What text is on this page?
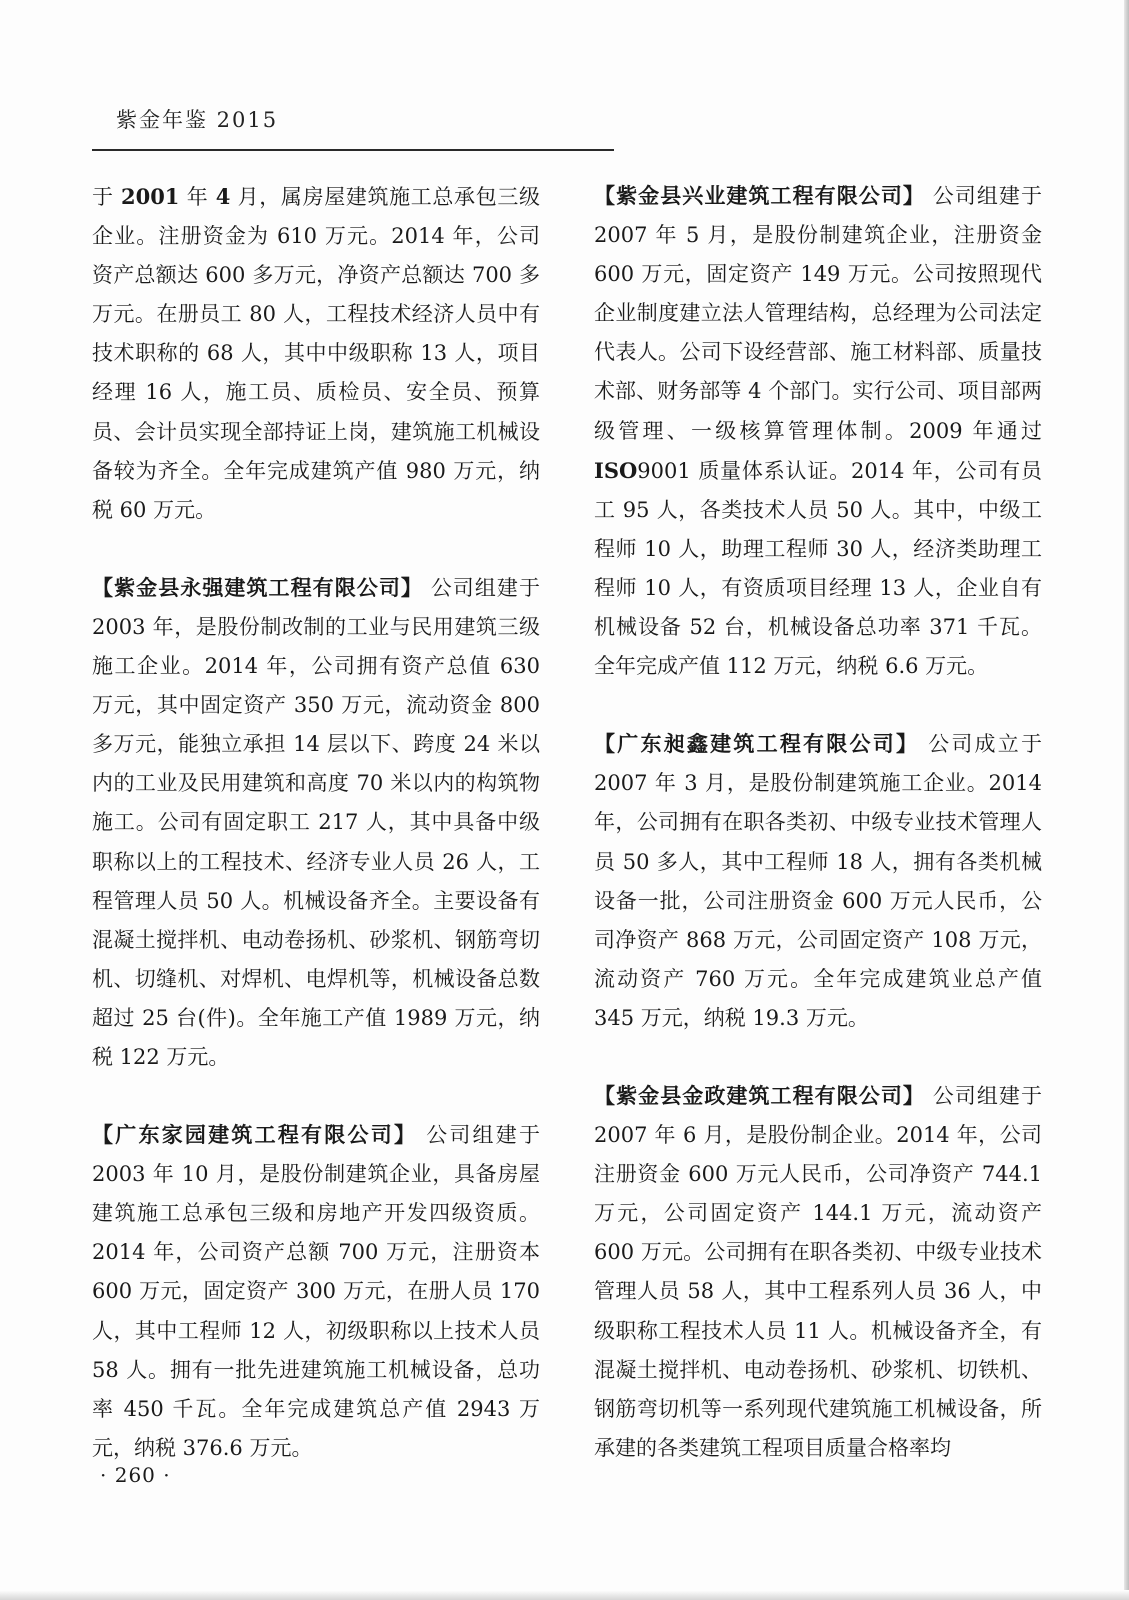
紫金年鉴 2015

于 2001 年 4 月，属房屋建筑施工总承包三级企业。注册资金为 610 万元。2014 年，公司资产总额达 600 多万元，净资产总额达 700 多万元。在册员工 80 人，工程技术经济人员中有技术职称的 68 人，其中中级职称 13 人，项目经理 16 人，施工员、质检员、安全员、预算员、会计员实现全部持证上岗，建筑施工机械设备较为齐全。全年完成建筑产值 980 万元，纳税 60 万元。

【紫金县永强建筑工程有限公司】 公司组建于 2003 年，是股份制改制的工业与民用建筑三级施工企业。2014 年，公司拥有资产总值 630 万元，其中固定资产 350 万元，流动资金 800 多万元，能独立承担 14 层以下、跨度 24 米以内的工业及民用建筑和高度 70 米以内的构筑物施工。公司有固定职工 217 人，其中具备中级职称以上的工程技术、经济专业人员 26 人，工程管理人员 50 人。机械设备齐全。主要设备有混凝土搅拌机、电动卷扬机、砂浆机、钢筋弯切机、切缝机、对焊机、电焊机等，机械设备总数超过 25 台(件)。全年施工产值 1989 万元，纳税 122 万元。

【广东家园建筑工程有限公司】 公司组建于 2003 年 10 月，是股份制建筑企业，具备房屋建筑施工总承包三级和房地产开发四级资质。2014 年，公司资产总额 700 万元，注册资本 600 万元，固定资产 300 万元，在册人员 170 人，其中工程师 12 人，初级职称以上技术人员 58 人。拥有一批先进建筑施工机械设备，总功率 450 千瓦。全年完成建筑总产值 2943 万元，纳税 376.6 万元。

【紫金县兴业建筑工程有限公司】 公司组建于 2007 年 5 月，是股份制建筑企业，注册资金 600 万元，固定资产 149 万元。公司按照现代企业制度建立法人管理结构，总经理为公司法定代表人。公司下设经营部、施工材料部、质量技术部、财务部等 4 个部门。实行公司、项目部两级管理、一级核算管理体制。2009 年通过 ISO9001 质量体系认证。2014 年，公司有员工 95 人，各类技术人员 50 人。其中，中级工程师 10 人，助理工程师 30 人，经济类助理工程师 10 人，有资质项目经理 13 人，企业自有机械设备 52 台，机械设备总功率 371 千瓦。全年完成产值 112 万元，纳税 6.6 万元。

【广东昶鑫建筑工程有限公司】 公司成立于 2007 年 3 月，是股份制建筑施工企业。2014 年，公司拥有在职各类初、中级专业技术管理人员 50 多人，其中工程师 18 人，拥有各类机械设备一批，公司注册资金 600 万元人民币，公司净资产 868 万元，公司固定资产 108 万元，流动资产 760 万元。全年完成建筑业总产值 345 万元，纳税 19.3 万元。

【紫金县金政建筑工程有限公司】 公司组建于 2007 年 6 月，是股份制企业。2014 年，公司注册资金 600 万元人民币，公司净资产 744.1 万元，公司固定资产 144.1 万元，流动资产 600 万元。公司拥有在职各类初、中级专业技术管理人员 58 人，其中工程系列人员 36 人，中级职称工程技术人员 11 人。机械设备齐全，有混凝土搅拌机、电动卷扬机、砂浆机、切铁机、钢筋弯切机等一系列现代建筑施工机械设备，所承建的各类建筑工程项目质量合格率均

· 260 ·
